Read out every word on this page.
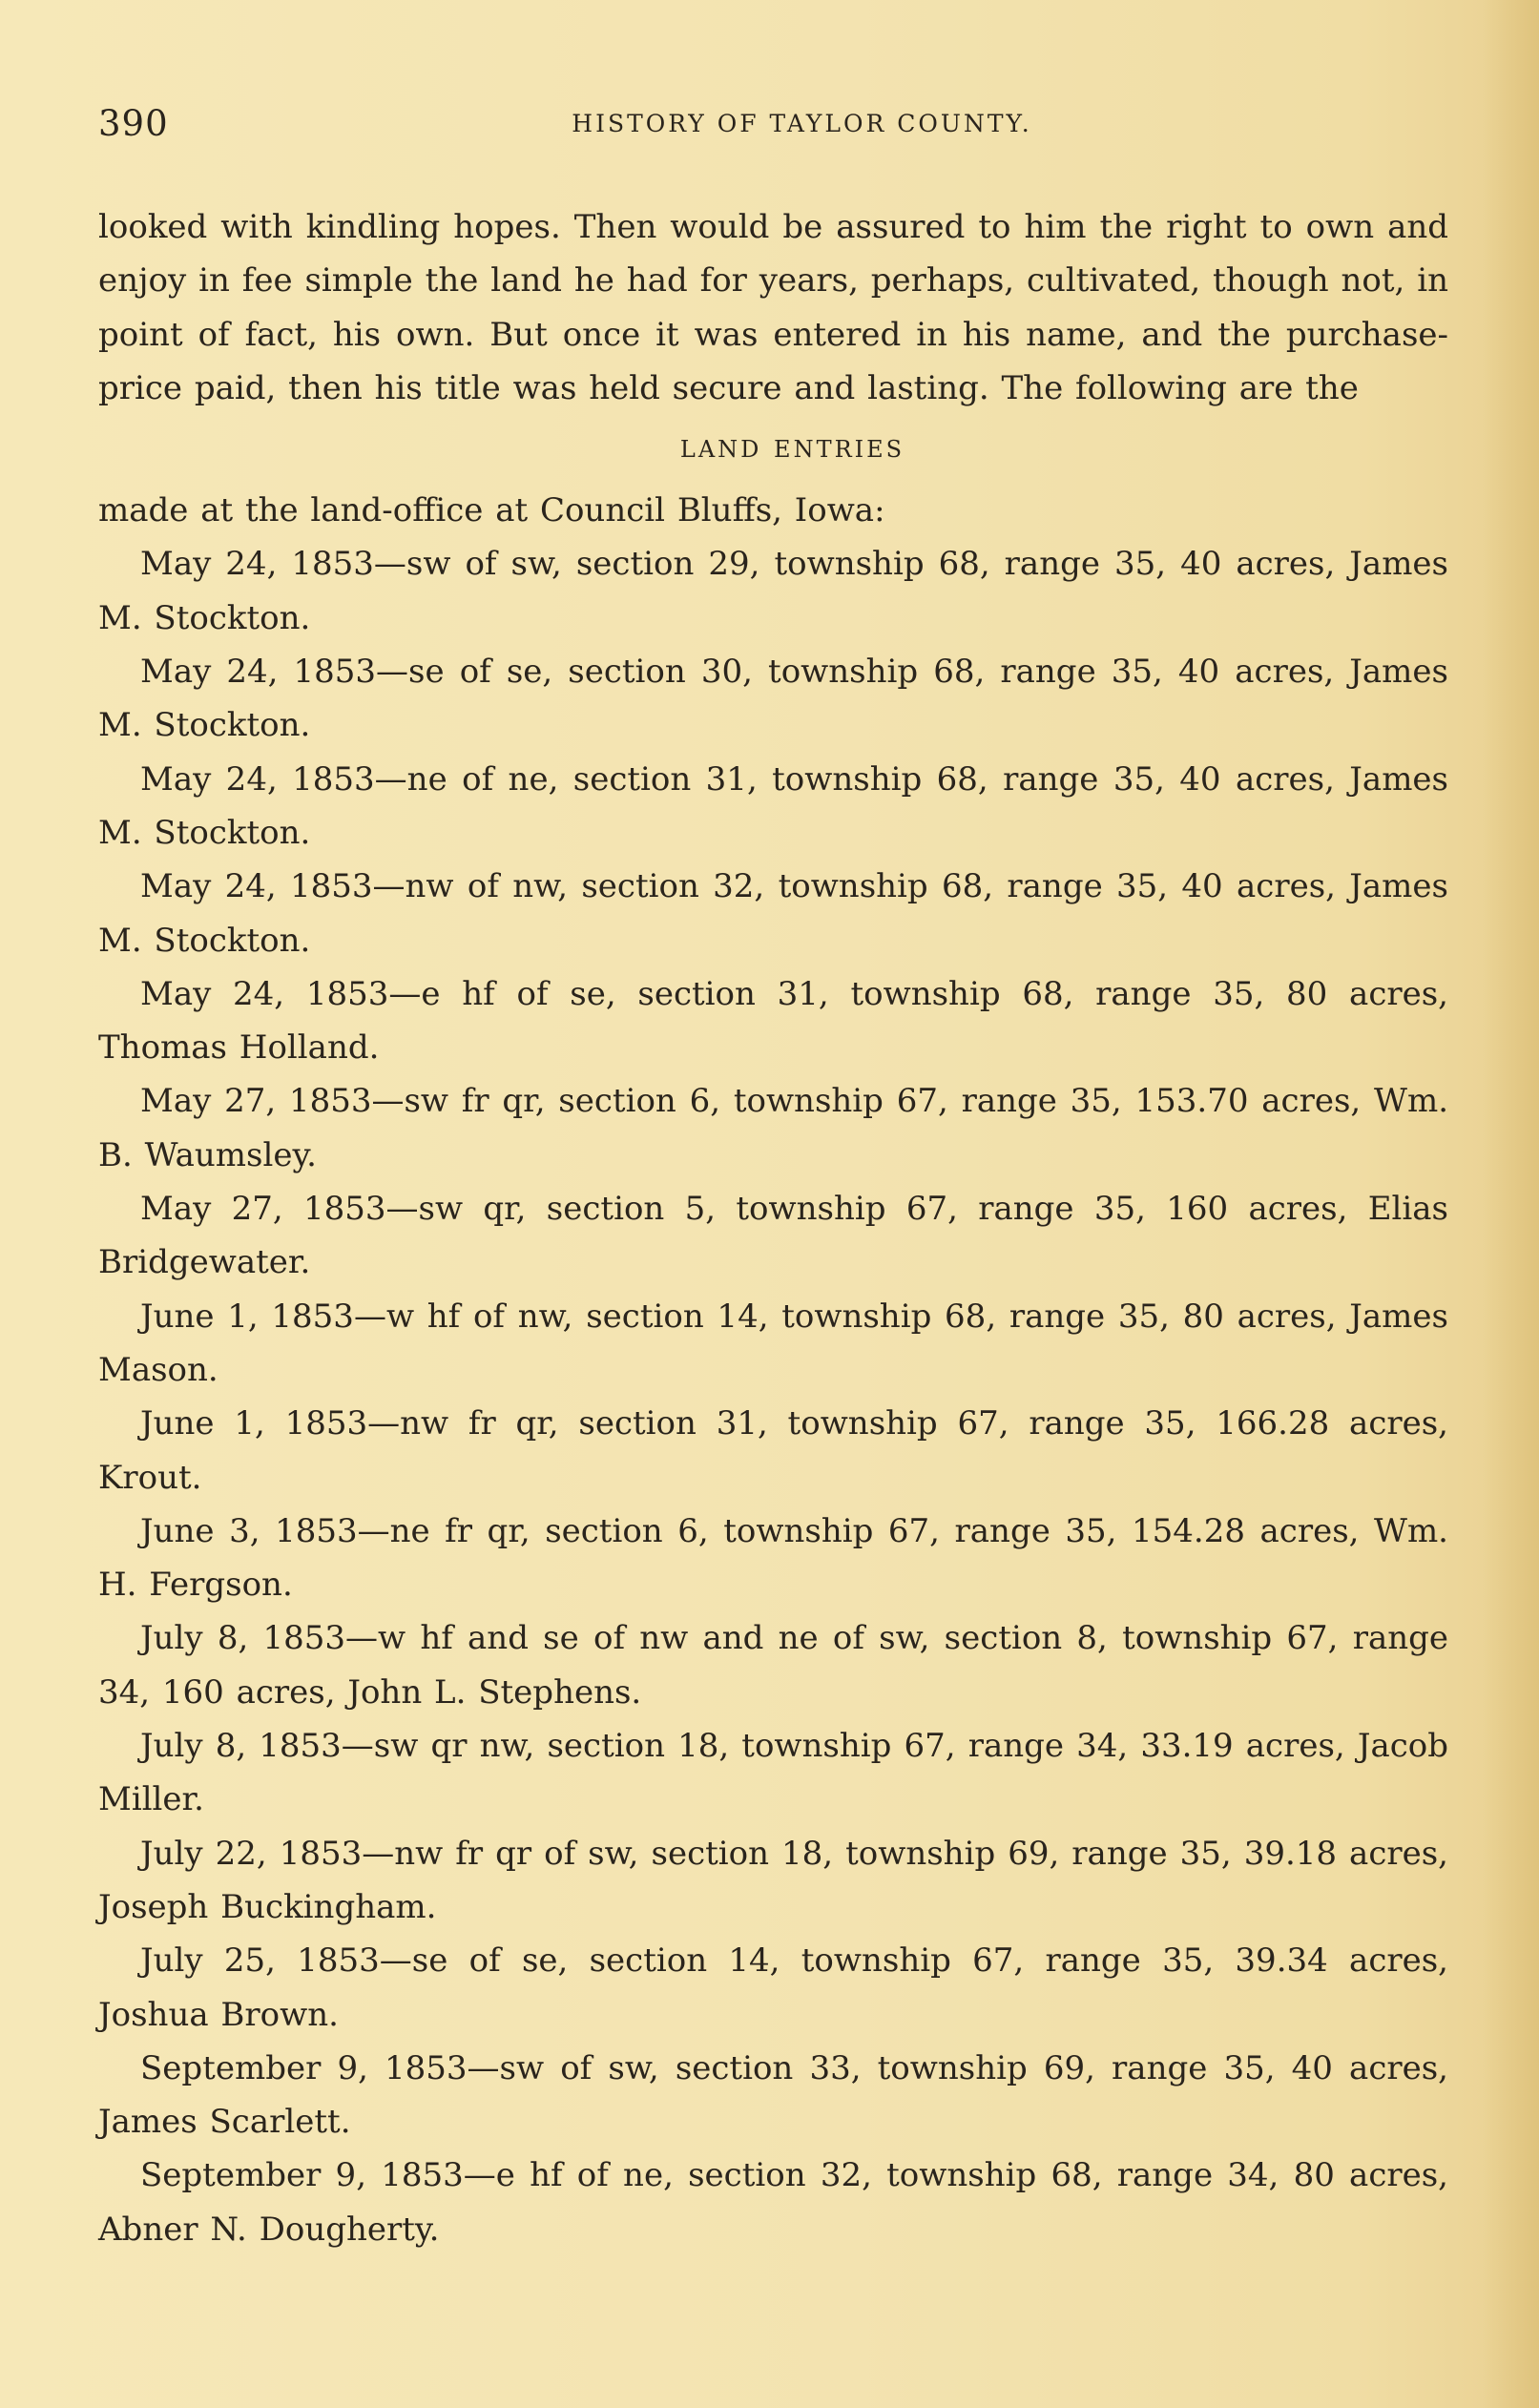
390	HISTORY OF TAYLOR COUNTY.

looked with kindling hopes. Then would be assured to him the right to own and enjoy in fee simple the land he had for years, perhaps, cultivated, though not, in point of fact, his own. But once it was entered in his name, and the purchase-price paid, then his title was held secure and lasting. The following are the

LAND ENTRIES

made at the land-office at Council Bluffs, Iowa:

May 24, 1853—sw of sw, section 29, township 68, range 35, 40 acres, James M. Stockton.

May 24, 1853—se of se, section 30, township 68, range 35, 40 acres, James M. Stockton.

May 24, 1853—ne of ne, section 31, township 68, range 35, 40 acres, James M. Stockton.

May 24, 1853—nw of nw, section 32, township 68, range 35, 40 acres, James M. Stockton.

May 24, 1853—e hf of se, section 31, township 68, range 35, 80 acres, Thomas Holland.

May 27, 1853—sw fr qr, section 6, township 67, range 35, 153.70 acres, Wm. B. Waumsley.

May 27, 1853—sw qr, section 5, township 67, range 35, 160 acres, Elias Bridgewater.

June 1, 1853—w hf of nw, section 14, township 68, range 35, 80 acres, James Mason.

June 1, 1853—nw fr qr, section 31, township 67, range 35, 166.28 acres, Krout.

June 3, 1853—ne fr qr, section 6, township 67, range 35, 154.28 acres, Wm. H. Fergson.

July 8, 1853—w hf and se of nw and ne of sw, section 8, township 67, range 34, 160 acres, John L. Stephens.

July 8, 1853—sw qr nw, section 18, township 67, range 34, 33.19 acres, Jacob Miller.

July 22, 1853—nw fr qr of sw, section 18, township 69, range 35, 39.18 acres, Joseph Buckingham.

July 25, 1853—se of se, section 14, township 67, range 35, 39.34 acres, Joshua Brown.

September 9, 1853—sw of sw, section 33, township 69, range 35, 40 acres, James Scarlett.

September 9, 1853—e hf of ne, section 32, township 68, range 34, 80 acres, Abner N. Dougherty.
